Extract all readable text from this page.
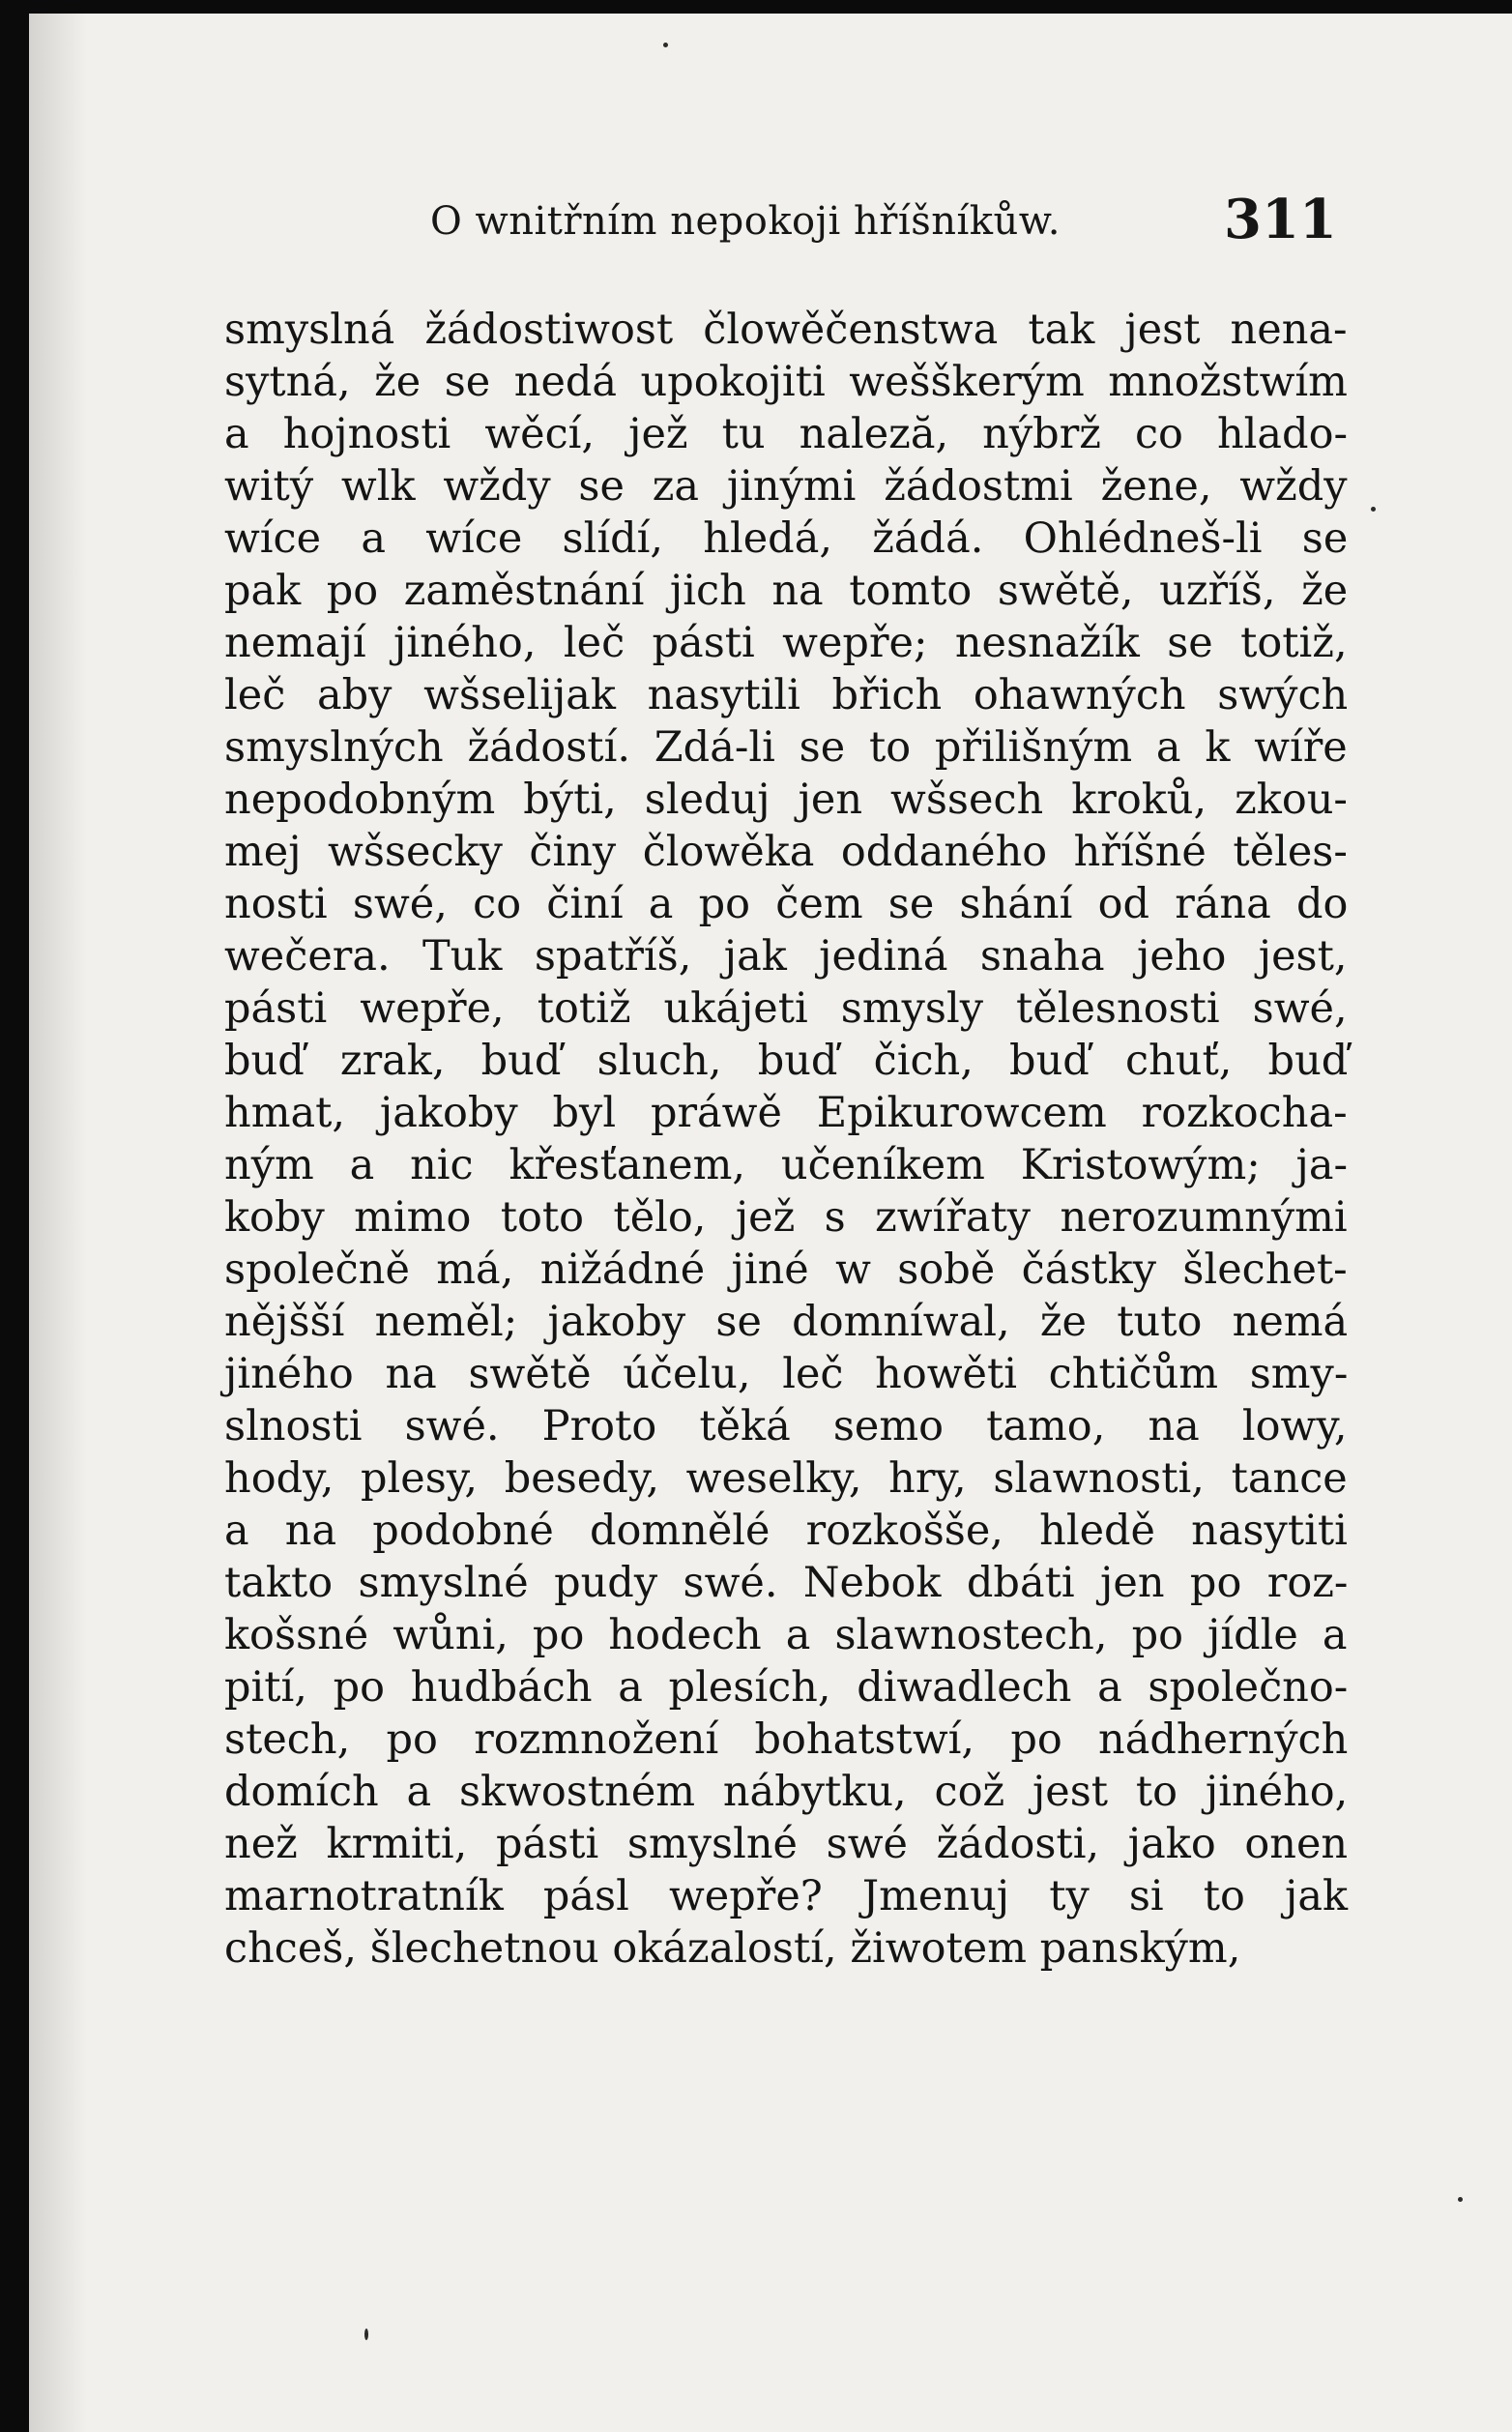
O wnitřním nepokoji hříšníkůw.	311
smyslná žádostiwost člowěčenstwa tak jest nena-
sytná, že se nedá upokojiti wešškerým množstwím
a hojnosti wěcí, jež tu naleză, nýbrž co hlado-
witý wlk wždy se za jinými žádostmi žene, wždy
wíce a wíce slídí, hledá, žádá. Ohlédneš-li se
pak po zaměstnání jich na tomto swětě, uzříš, že
nemají jiného, leč pásti wepře; nesnažík se totiž,
leč aby wšselijak nasytili břich ohawných swých
smyslných žádostí. Zdá-li se to přilišným a k wíře
nepodobným býti, sleduj jen wšsech kroků, zkou-
mej wšsecky činy člowěka oddaného hříšné těles-
nosti swé, co činí a po čem se shání od rána do
wečera. Tuk spatříš, jak jediná snaha jeho jest,
pásti wepře, totiž ukájeti smysly tělesnosti swé,
buď zrak, buď sluch, buď čich, buď chuť, buď
hmat, jakoby byl práwě Epikurowcem rozkocha-
ným a nic křesťanem, učeníkem Kristowým; ja-
koby mimo toto tělo, jež s zwířaty nerozumnými
společně má, nižádné jiné w sobě částky šlechet-
nějšší neměl; jakoby se domníwal, že tuto nemá
jiného na swětě účelu, leč howěti chtičům smy-
slnosti swé. Proto těká semo tamo, na lowy,
hody, plesy, besedy, weselky, hry, slawnosti, tance
a na podobné domnělé rozkošše, hledě nasytiti
takto smyslné pudy swé. Nebok dbáti jen po roz-
košsné wůni, po hodech a slawnostech, po jídle a
pití, po hudbách a plesích, diwadlech a společno-
stech, po rozmnožení bohatstwí, po nádherných
domích a skwostném nábytku, což jest to jiného,
než krmiti, pásti smyslné swé žádosti, jako onen
marnotratník pásl wepře? Jmenuj ty si to jak
chceš, šlechetnou okázalostí, žiwotem panským,
